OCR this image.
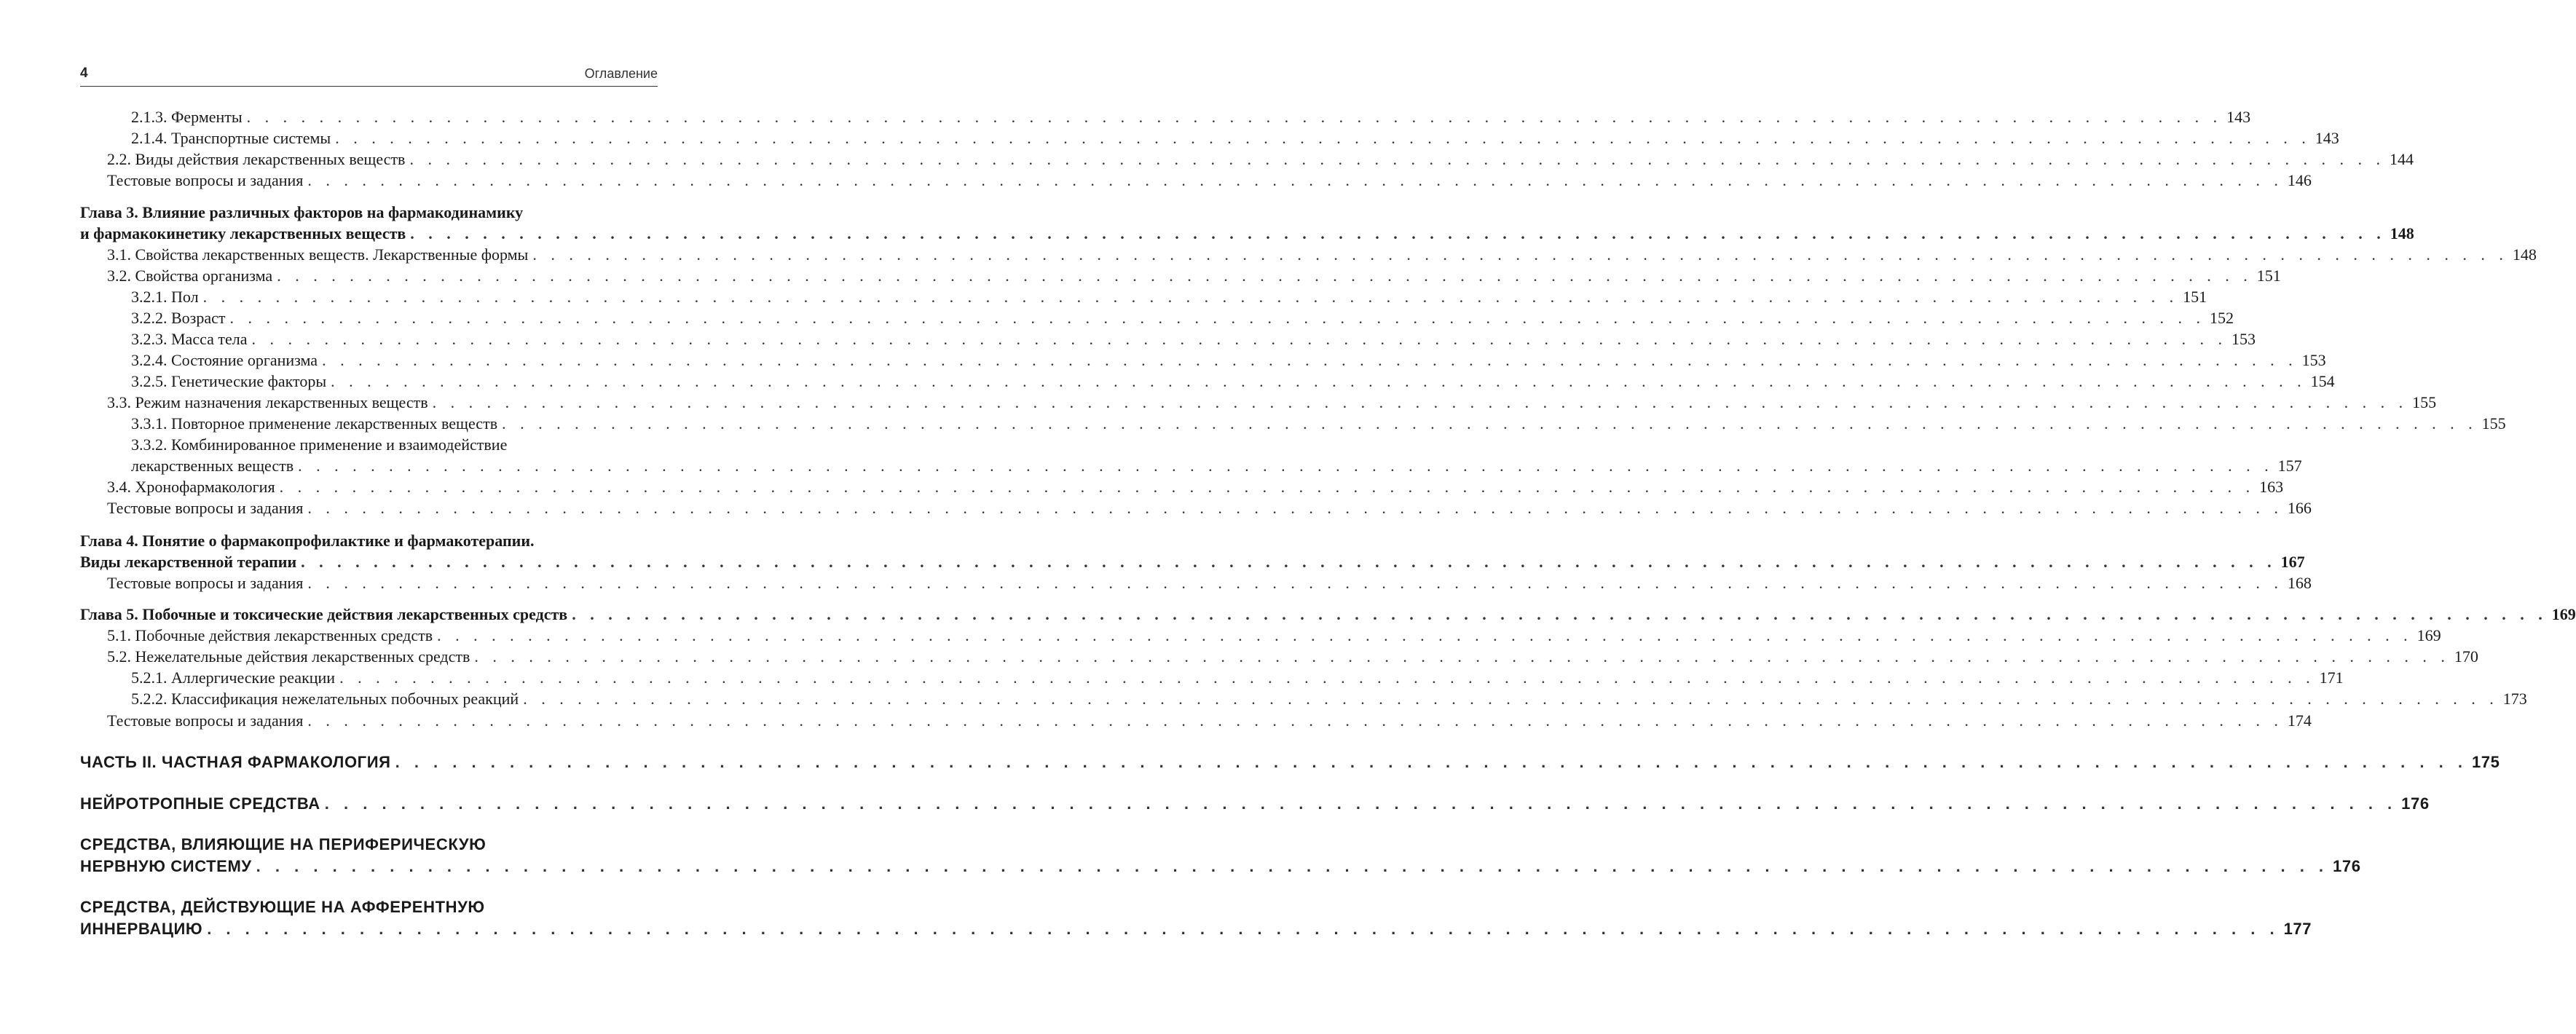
4	Оглавление
2.1.3. Ферменты . . . . . . . . . . . . . . . . . . . . . . . . . . . . . . . . . . . . . . . . . . . . . . . . . . . . . . . . . . . . . . . . . . . . . . . . . . . . . . . . . . . . . . . . . . . . . . . . . . . . . . . . . . . . . 143
2.1.4. Транспортные системы . . . . . . . . . . . . . . . . . . . . . . . . . . . . . . . . . . . . . . . . . . . . . . . . . . . . . . . . . . . . . . . . . . . . . . . . . . . . . . . . . . . . . . . . . . . . . . . . . . . . . . . . . . . . . 143
2.2. Виды действия лекарственных веществ . . . . . . . . . . . . . . . . . . . . . . . . . . . . . . . . . . . . . . . . . . . . . . . . . . . . . . . . . . . . . . . . . . . . . . . . . . . . . . . . . . . . . . . . . . . . . . . . . . . . . . . . . . . . . 144
Тестовые вопросы и задания . . . . . . . . . . . . . . . . . . . . . . . . . . . . . . . . . . . . . . . . . . . . . . . . . . . . . . . . . . . . . . . . . . . . . . . . . . . . . . . . . . . . . . . . . . . . . . . . . . . . . . . . . . . . . 146
Глава 3. Влияние различных факторов на фармакодинамику
и фармакокинетику лекарственных веществ . . . . . . . . . . . . . . . . . . . . . . . . . . . . . . . . . . . . . . . . . . . . . . . . . . . . . . . . . . . . . . . . . . . . . . . . . . . . . . . . . . . . . . . . . . . . . . . . . . . . . . . . . . . . . 148
3.1. Свойства лекарственных веществ. Лекарственные формы . . . . . . . . . . . . . . . . . . . . . . . . . . . . . . . . . . . . . . . . . . . . . . . . . . . . . . . . . . . . . . . . . . . . . . . . . . . . . . . . . . . . . . . . . . . . . . . . . . . . . . . . . . . . . 148
3.2. Свойства организма . . . . . . . . . . . . . . . . . . . . . . . . . . . . . . . . . . . . . . . . . . . . . . . . . . . . . . . . . . . . . . . . . . . . . . . . . . . . . . . . . . . . . . . . . . . . . . . . . . . . . . . . . . . . . 151
3.2.1. Пол . . . . . . . . . . . . . . . . . . . . . . . . . . . . . . . . . . . . . . . . . . . . . . . . . . . . . . . . . . . . . . . . . . . . . . . . . . . . . . . . . . . . . . . . . . . . . . . . . . . . . . . . . . . . . 151
3.2.2. Возраст . . . . . . . . . . . . . . . . . . . . . . . . . . . . . . . . . . . . . . . . . . . . . . . . . . . . . . . . . . . . . . . . . . . . . . . . . . . . . . . . . . . . . . . . . . . . . . . . . . . . . . . . . . . . . 152
3.2.3. Масса тела . . . . . . . . . . . . . . . . . . . . . . . . . . . . . . . . . . . . . . . . . . . . . . . . . . . . . . . . . . . . . . . . . . . . . . . . . . . . . . . . . . . . . . . . . . . . . . . . . . . . . . . . . . . . . 153
3.2.4. Состояние организма . . . . . . . . . . . . . . . . . . . . . . . . . . . . . . . . . . . . . . . . . . . . . . . . . . . . . . . . . . . . . . . . . . . . . . . . . . . . . . . . . . . . . . . . . . . . . . . . . . . . . . . . . . . . . 153
3.2.5. Генетические факторы . . . . . . . . . . . . . . . . . . . . . . . . . . . . . . . . . . . . . . . . . . . . . . . . . . . . . . . . . . . . . . . . . . . . . . . . . . . . . . . . . . . . . . . . . . . . . . . . . . . . . . . . . . . . . 154
3.3. Режим назначения лекарственных веществ . . . . . . . . . . . . . . . . . . . . . . . . . . . . . . . . . . . . . . . . . . . . . . . . . . . . . . . . . . . . . . . . . . . . . . . . . . . . . . . . . . . . . . . . . . . . . . . . . . . . . . . . . . . . . 155
3.3.1. Повторное применение лекарственных веществ . . . . . . . . . . . . . . . . . . . . . . . . . . . . . . . . . . . . . . . . . . . . . . . . . . . . . . . . . . . . . . . . . . . . . . . . . . . . . . . . . . . . . . . . . . . . . . . . . . . . . . . . . . . . . 155
3.3.2. Комбинированное применение и взаимодействие
лекарственных веществ . . . . . . . . . . . . . . . . . . . . . . . . . . . . . . . . . . . . . . . . . . . . . . . . . . . . . . . . . . . . . . . . . . . . . . . . . . . . . . . . . . . . . . . . . . . . . . . . . . . . . . . . . . . . . 157
3.4. Хронофармакология . . . . . . . . . . . . . . . . . . . . . . . . . . . . . . . . . . . . . . . . . . . . . . . . . . . . . . . . . . . . . . . . . . . . . . . . . . . . . . . . . . . . . . . . . . . . . . . . . . . . . . . . . . . . . 163
Тестовые вопросы и задания . . . . . . . . . . . . . . . . . . . . . . . . . . . . . . . . . . . . . . . . . . . . . . . . . . . . . . . . . . . . . . . . . . . . . . . . . . . . . . . . . . . . . . . . . . . . . . . . . . . . . . . . . . . . . 166
Глава 4. Понятие о фармакопрофилактике и фармакотерапии.
Виды лекарственной терапии . . . . . . . . . . . . . . . . . . . . . . . . . . . . . . . . . . . . . . . . . . . . . . . . . . . . . . . . . . . . . . . . . . . . . . . . . . . . . . . . . . . . . . . . . . . . . . . . . . . . . . . . . . . . . 167
Тестовые вопросы и задания . . . . . . . . . . . . . . . . . . . . . . . . . . . . . . . . . . . . . . . . . . . . . . . . . . . . . . . . . . . . . . . . . . . . . . . . . . . . . . . . . . . . . . . . . . . . . . . . . . . . . . . . . . . . . 168
Глава 5. Побочные и токсические действия лекарственных средств . . . . . . . . . . . . . . . . . . . . . . . . . . . . . . . . . . . . . . . . . . . . . . . . . . . . . . . . . . . . . . . . . . . . . . . . . . . . . . . . . . . . . . . . . . . . . . . . . . . . . . . . . . . . . 169
5.1. Побочные действия лекарственных средств . . . . . . . . . . . . . . . . . . . . . . . . . . . . . . . . . . . . . . . . . . . . . . . . . . . . . . . . . . . . . . . . . . . . . . . . . . . . . . . . . . . . . . . . . . . . . . . . . . . . . . . . . . . . . 169
5.2. Нежелательные действия лекарственных средств . . . . . . . . . . . . . . . . . . . . . . . . . . . . . . . . . . . . . . . . . . . . . . . . . . . . . . . . . . . . . . . . . . . . . . . . . . . . . . . . . . . . . . . . . . . . . . . . . . . . . . . . . . . . . 170
5.2.1. Аллергические реакции . . . . . . . . . . . . . . . . . . . . . . . . . . . . . . . . . . . . . . . . . . . . . . . . . . . . . . . . . . . . . . . . . . . . . . . . . . . . . . . . . . . . . . . . . . . . . . . . . . . . . . . . . . . . . 171
5.2.2. Классификация нежелательных побочных реакций . . . . . . . . . . . . . . . . . . . . . . . . . . . . . . . . . . . . . . . . . . . . . . . . . . . . . . . . . . . . . . . . . . . . . . . . . . . . . . . . . . . . . . . . . . . . . . . . . . . . . . . . . . . . . 173
Тестовые вопросы и задания . . . . . . . . . . . . . . . . . . . . . . . . . . . . . . . . . . . . . . . . . . . . . . . . . . . . . . . . . . . . . . . . . . . . . . . . . . . . . . . . . . . . . . . . . . . . . . . . . . . . . . . . . . . . . 174
ЧАСТЬ II. ЧАСТНАЯ ФАРМАКОЛОГИЯ . . . . . . . . . . . . . . . . . . . . . . . . . . . . . . . . . . . . . . . . . . . . . . . . . . . . . . . . . . . . . . . . . . . . . . . . . . . . . . . . . . . . . . . . . . . . . . . . . . . . . . . . . . . . . 175
НЕЙРОТРОПНЫЕ СРЕДСТВА . . . . . . . . . . . . . . . . . . . . . . . . . . . . . . . . . . . . . . . . . . . . . . . . . . . . . . . . . . . . . . . . . . . . . . . . . . . . . . . . . . . . . . . . . . . . . . . . . . . . . . . . . . . . . 176
СРЕДСТВА, ВЛИЯЮЩИЕ НА ПЕРИФЕРИЧЕСКУЮ
НЕРВНУЮ СИСТЕМУ . . . . . . . . . . . . . . . . . . . . . . . . . . . . . . . . . . . . . . . . . . . . . . . . . . . . . . . . . . . . . . . . . . . . . . . . . . . . . . . . . . . . . . . . . . . . . . . . . . . . . . . . . . . . . 176
СРЕДСТВА, ДЕЙСТВУЮЩИЕ НА АФФЕРЕНТНУЮ
ИННЕРВАЦИЮ . . . . . . . . . . . . . . . . . . . . . . . . . . . . . . . . . . . . . . . . . . . . . . . . . . . . . . . . . . . . . . . . . . . . . . . . . . . . . . . . . . . . . . . . . . . . . . . . . . . . . . . . . . . . . 177
